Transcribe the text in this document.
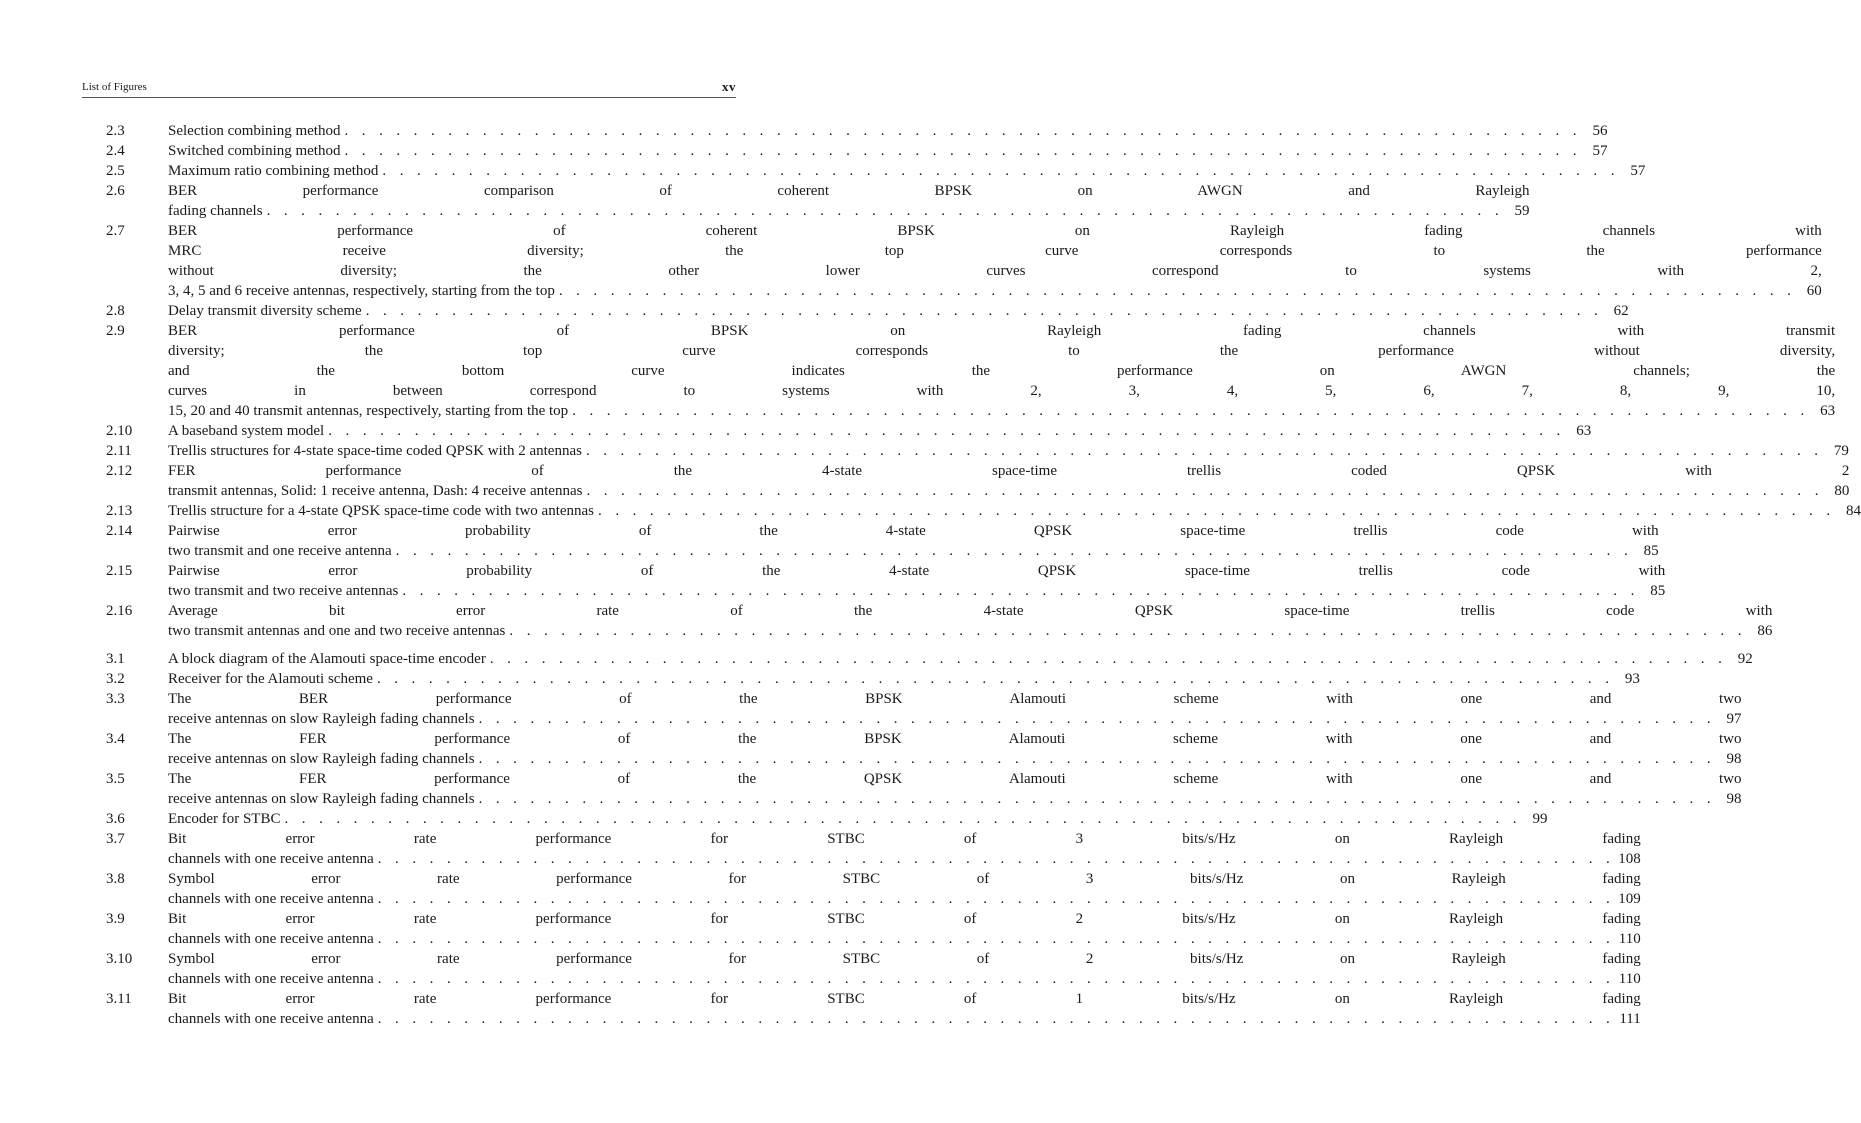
List of Figures	xv
2.3	Selection combining method . . .	56
2.4	Switched combining method . . .	57
2.5	Maximum ratio combining method . . .	57
2.6	BER performance comparison of coherent BPSK on AWGN and Rayleigh
fading channels . . .	59
2.7	BER performance of coherent BPSK on Rayleigh fading channels with
MRC receive diversity; the top curve corresponds to the performance
without diversity; the other lower curves correspond to systems with 2,
3, 4, 5 and 6 receive antennas, respectively, starting from the top . . .	60
2.8	Delay transmit diversity scheme . . .	62
2.9	BER performance of BPSK on Rayleigh fading channels with transmit
diversity; the top curve corresponds to the performance without diversity,
and the bottom curve indicates the performance on AWGN channels; the
curves in between correspond to systems with 2, 3, 4, 5, 6, 7, 8, 9, 10,
15, 20 and 40 transmit antennas, respectively, starting from the top . . .	63
2.10	A baseband system model . . .	63
2.11	Trellis structures for 4-state space-time coded QPSK with 2 antennas . . .	79
2.12	FER performance of the 4-state space-time trellis coded QPSK with 2
transmit antennas, Solid: 1 receive antenna, Dash: 4 receive antennas . . .	80
2.13	Trellis structure for a 4-state QPSK space-time code with two antennas . . .	84
2.14	Pairwise error probability of the 4-state QPSK space-time trellis code with
two transmit and one receive antenna . . .	85
2.15	Pairwise error probability of the 4-state QPSK space-time trellis code with
two transmit and two receive antennas . . .	85
2.16	Average bit error rate of the 4-state QPSK space-time trellis code with
two transmit antennas and one and two receive antennas . . .	86
3.1	A block diagram of the Alamouti space-time encoder . . .	92
3.2	Receiver for the Alamouti scheme . . .	93
3.3	The BER performance of the BPSK Alamouti scheme with one and two
receive antennas on slow Rayleigh fading channels . . .	97
3.4	The FER performance of the BPSK Alamouti scheme with one and two
receive antennas on slow Rayleigh fading channels . . .	98
3.5	The FER performance of the QPSK Alamouti scheme with one and two
receive antennas on slow Rayleigh fading channels . . .	98
3.6	Encoder for STBC . . .	99
3.7	Bit error rate performance for STBC of 3 bits/s/Hz on Rayleigh fading
channels with one receive antenna . . .	108
3.8	Symbol error rate performance for STBC of 3 bits/s/Hz on Rayleigh fading
channels with one receive antenna . . .	109
3.9	Bit error rate performance for STBC of 2 bits/s/Hz on Rayleigh fading
channels with one receive antenna . . .	110
3.10	Symbol error rate performance for STBC of 2 bits/s/Hz on Rayleigh fading
channels with one receive antenna . . .	110
3.11	Bit error rate performance for STBC of 1 bits/s/Hz on Rayleigh fading
channels with one receive antenna . . .	111
